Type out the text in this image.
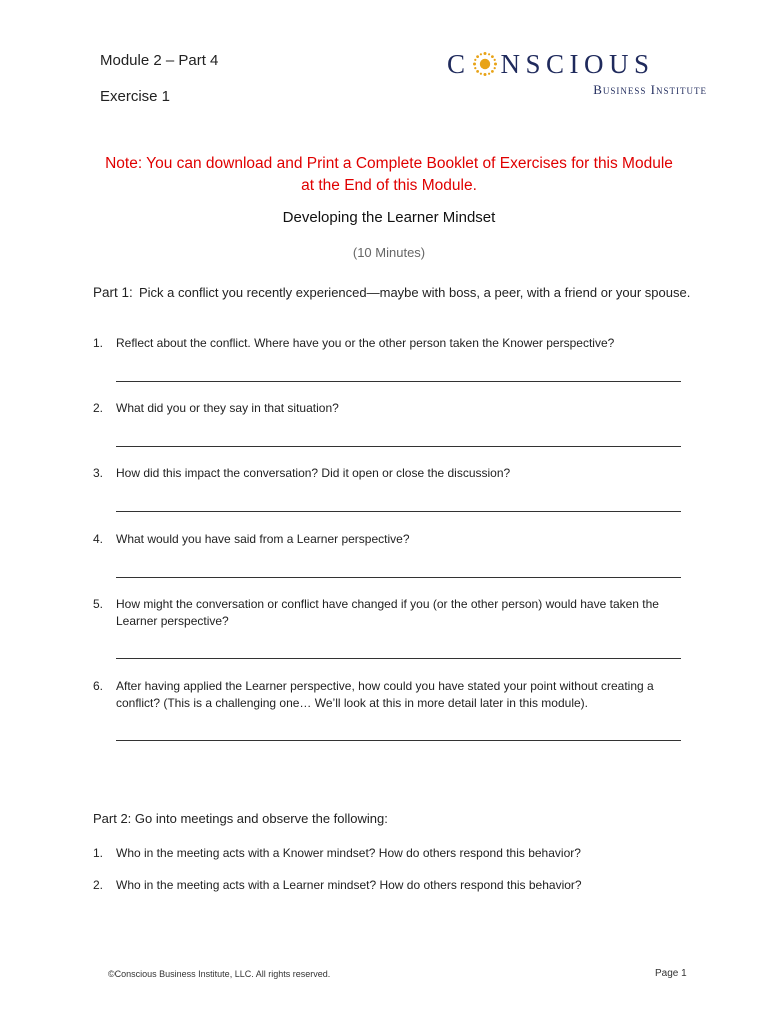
Module 2 – Part 4
Exercise 1
C NSCIOUS
Business Institute
Note: You can download and Print a Complete Booklet of Exercises for this Module
at the End of this Module.
Developing the Learner Mindset
(10 Minutes)
Part 1: Pick a conflict you recently experienced—maybe with boss, a peer, with a friend or your spouse.
1. Reflect about the conflict. Where have you or the other person taken the Knower perspective?
2. What did you or they say in that situation?
3. How did this impact the conversation? Did it open or close the discussion?
4. What would you have said from a Learner perspective?
5. How might the conversation or conflict have changed if you (or the other person) would have taken the Learner perspective?
6. After having applied the Learner perspective, how could you have stated your point without creating a conflict? (This is a challenging one… We’ll look at this in more detail later in this module).
Part 2: Go into meetings and observe the following:
1. Who in the meeting acts with a Knower mindset? How do others respond this behavior?
2. Who in the meeting acts with a Learner mindset? How do others respond this behavior?
©Conscious Business Institute, LLC. All rights reserved.	Page 1
